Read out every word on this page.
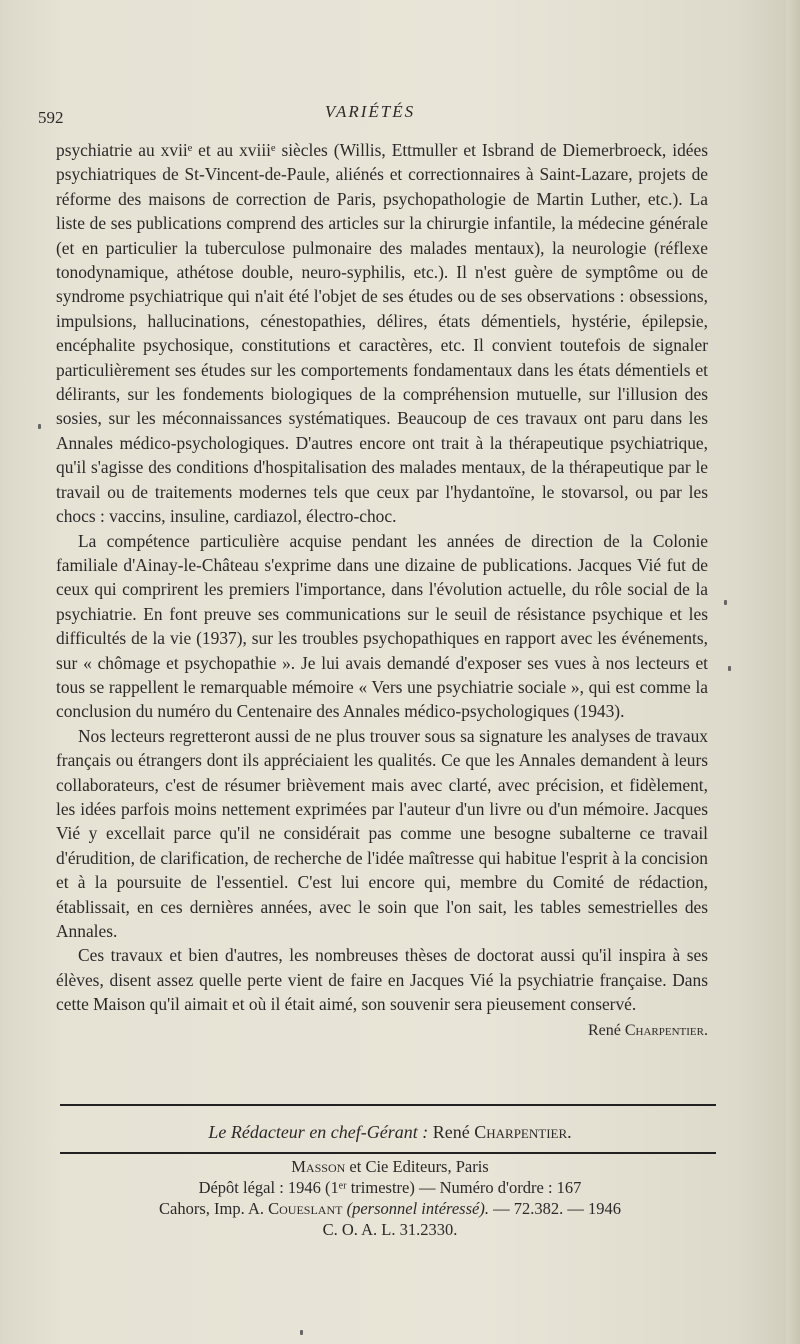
592	VARIÉTÉS

psychiatrie au xviiᵉ et au xviiiᵉ siècles (Willis, Ettmuller et Isbrand de Diemerbroeck, idées psychiatriques de St-Vincent-de-Paule, aliénés et correctionnaires à Saint-Lazare, projets de réforme des maisons de correction de Paris, psychopathologie de Martin Luther, etc.). La liste de ses publications comprend des articles sur la chirurgie infantile, la médecine générale (et en particulier la tuberculose pulmonaire des malades mentaux), la neurologie (réflexe tonodynamique, athétose double, neuro-syphilis, etc.). Il n'est guère de symptôme ou de syndrome psychiatrique qui n'ait été l'objet de ses études ou de ses observations : obsessions, impulsions, hallucinations, cénestopathies, délires, états démentiels, hystérie, épilepsie, encéphalite psychosique, constitutions et caractères, etc. Il convient toutefois de signaler particulièrement ses études sur les comportements fondamentaux dans les états démentiels et délirants, sur les fondements biologiques de la compréhension mutuelle, sur l'illusion des sosies, sur les méconnaissances systématiques. Beaucoup de ces travaux ont paru dans les Annales médico-psychologiques. D'autres encore ont trait à la thérapeutique psychiatrique, qu'il s'agisse des conditions d'hospitalisation des malades mentaux, de la thérapeutique par le travail ou de traitements modernes tels que ceux par l'hydantoïne, le stovarsol, ou par les chocs : vaccins, insuline, cardiazol, électro-choc.

La compétence particulière acquise pendant les années de direction de la Colonie familiale d'Ainay-le-Château s'exprime dans une dizaine de publications. Jacques Vié fut de ceux qui comprirent les premiers l'importance, dans l'évolution actuelle, du rôle social de la psychiatrie. En font preuve ses communications sur le seuil de résistance psychique et les difficultés de la vie (1937), sur les troubles psychopathiques en rapport avec les événements, sur « chômage et psychopathie ». Je lui avais demandé d'exposer ses vues à nos lecteurs et tous se rappellent le remarquable mémoire « Vers une psychiatrie sociale », qui est comme la conclusion du numéro du Centenaire des Annales médico-psychologiques (1943).

Nos lecteurs regretteront aussi de ne plus trouver sous sa signature les analyses de travaux français ou étrangers dont ils appréciaient les qualités. Ce que les Annales demandent à leurs collaborateurs, c'est de résumer brièvement mais avec clarté, avec précision, et fidèlement, les idées parfois moins nettement exprimées par l'auteur d'un livre ou d'un mémoire. Jacques Vié y excellait parce qu'il ne considérait pas comme une besogne subalterne ce travail d'érudition, de clarification, de recherche de l'idée maîtresse qui habitue l'esprit à la concision et à la poursuite de l'essentiel. C'est lui encore qui, membre du Comité de rédaction, établissait, en ces dernières années, avec le soin que l'on sait, les tables semestrielles des Annales.

Ces travaux et bien d'autres, les nombreuses thèses de doctorat aussi qu'il inspira à ses élèves, disent assez quelle perte vient de faire en Jacques Vié la psychiatrie française. Dans cette Maison qu'il aimait et où il était aimé, son souvenir sera pieusement conservé.

René Charpentier.
Le Rédacteur en chef-Gérant : René Charpentier.
Masson et Cie Editeurs, Paris
Dépôt légal : 1946 (1ᵉʳ trimestre) — Numéro d'ordre : 167
Cahors, Imp. A. Coueslant (personnel intéressé). — 72.382. — 1946
C. O. A. L. 31.2330.
